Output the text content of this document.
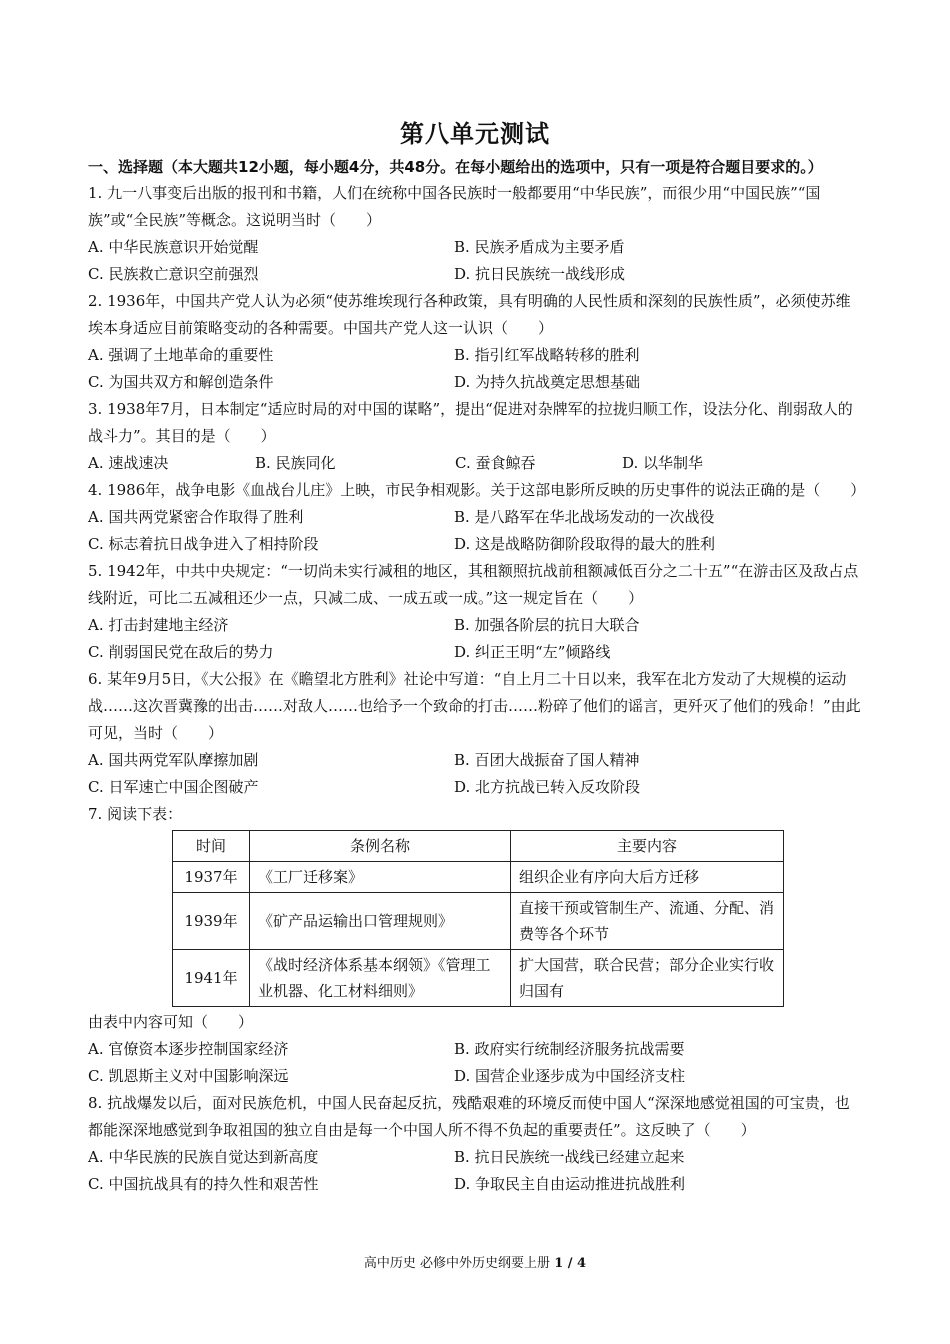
第八单元测试
一、选择题（本大题共12小题，每小题4分，共48分。在每小题给出的选项中，只有一项是符合题目要求的。）

1. 九一八事变后出版的报刊和书籍，人们在统称中国各民族时一般都要用“中华民族”，而很少用“中国民族”“国族”或“全民族”等概念。这说明当时（　　）

A. 中华民族意识开始觉醒	B. 民族矛盾成为主要矛盾
C. 民族救亡意识空前强烈	D. 抗日民族统一战线形成

2. 1936年，中国共产党人认为必须“使苏维埃现行各种政策，具有明确的人民性质和深刻的民族性质”，必须使苏维埃本身适应目前策略变动的各种需要。中国共产党人这一认识（　　）

A. 强调了土地革命的重要性	B. 指引红军战略转移的胜利
C. 为国共双方和解创造条件	D. 为持久抗战奠定思想基础

3. 1938年7月，日本制定“适应时局的对中国的谋略”，提出“促进对杂牌军的拉拢归顺工作，设法分化、削弱敌人的战斗力”。其目的是（　　）

A. 速战速决	B. 民族同化	C. 蚕食鲸吞	D. 以华制华

4. 1986年，战争电影《血战台儿庄》上映，市民争相观影。关于这部电影所反映的历史事件的说法正确的是（　　）

A. 国共两党紧密合作取得了胜利	B. 是八路军在华北战场发动的一次战役
C. 标志着抗日战争进入了相持阶段	D. 这是战略防御阶段取得的最大的胜利

5. 1942年，中共中央规定：“一切尚未实行减租的地区，其租额照抗战前租额减低百分之二十五”“在游击区及敌占点线附近，可比二五减租还少一点，只减二成、一成五或一成。”这一规定旨在（　　）

A. 打击封建地主经济	B. 加强各阶层的抗日大联合
C. 削弱国民党在敌后的势力	D. 纠正王明“左”倾路线

6. 某年9月5日，《大公报》在《瞻望北方胜利》社论中写道：“自上月二十日以来，我军在北方发动了大规模的运动战……这次晋冀豫的出击……对敌人……也给予一个致命的打击……粉碎了他们的谣言，更歼灭了他们的残命！”由此可见，当时（　　）

A. 国共两党军队摩擦加剧	B. 百团大战振奋了国人精神
C. 日军速亡中国企图破产	D. 北方抗战已转入反攻阶段

7. 阅读下表：

时间	条例名称	主要内容
1937年	《工厂迁移案》	组织企业有序向大后方迁移
1939年	《矿产品运输出口管理规则》	直接干预或管制生产、流通、分配、消费等各个环节
1941年	《战时经济体系基本纲领》《管理工业机器、化工材料细则》	扩大国营，联合民营；部分企业实行收归国有

由表中内容可知（　　）

A. 官僚资本逐步控制国家经济	B. 政府实行统制经济服务抗战需要
C. 凯恩斯主义对中国影响深远	D. 国营企业逐步成为中国经济支柱

8. 抗战爆发以后，面对民族危机，中国人民奋起反抗，残酷艰难的环境反而使中国人“深深地感觉祖国的可宝贵，也都能深深地感觉到争取祖国的独立自由是每一个中国人所不得不负起的重要责任”。这反映了（　　）

A. 中华民族的民族自觉达到新高度	B. 抗日民族统一战线已经建立起来
C. 中国抗战具有的持久性和艰苦性	D. 争取民主自由运动推进抗战胜利
高中历史 必修中外历史纲要上册 1 / 4
